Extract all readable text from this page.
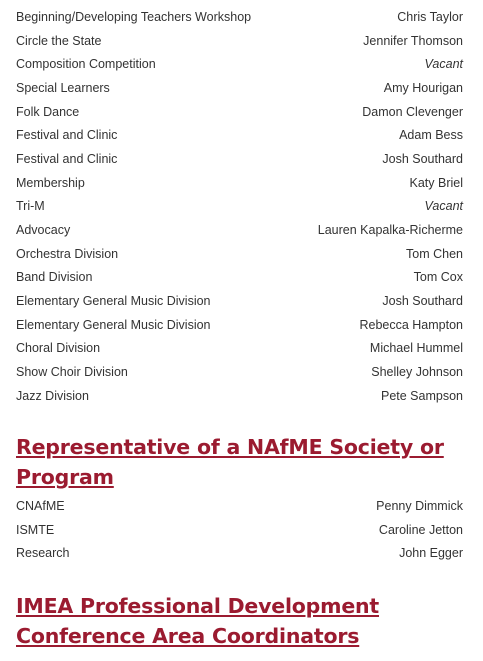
Beginning/Developing Teachers Workshop	Chris Taylor
Circle the State	Jennifer Thomson
Composition Competition	Vacant
Special Learners	Amy Hourigan
Folk Dance	Damon Clevenger
Festival and Clinic	Adam Bess
Festival and Clinic	Josh Southard
Membership	Katy Briel
Tri-M	Vacant
Advocacy	Lauren Kapalka-Richerme
Orchestra Division	Tom Chen
Band Division	Tom Cox
Elementary General Music Division	Josh Southard
Elementary General Music Division	Rebecca Hampton
Choral Division	Michael Hummel
Show Choir Division	Shelley Johnson
Jazz Division	Pete Sampson
Representative of a NAfME Society or Program
CNAfME	Penny Dimmick
ISMTE	Caroline Jetton
Research	John Egger
IMEA Professional Development Conference Area Coordinators
